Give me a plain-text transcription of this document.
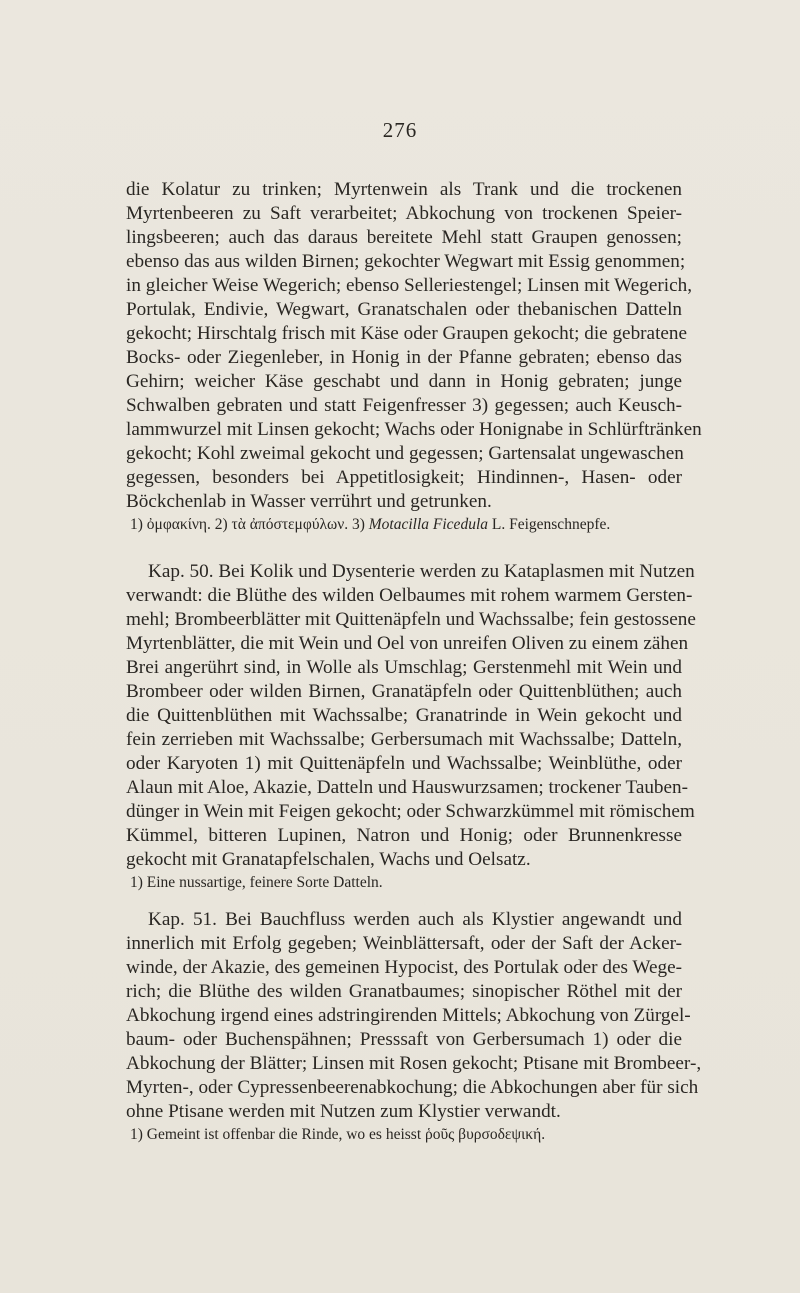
276
die Kolatur zu trinken; Myrtenwein als Trank und die trockenen
Myrtenbeeren zu Saft verarbeitet; Abkochung von trockenen Speier-
lingsbeeren; auch das daraus bereitete Mehl statt Graupen genossen;
ebenso das aus wilden Birnen; gekochter Wegwart mit Essig genommen;
in gleicher Weise Wegerich; ebenso Selleriestengel; Linsen mit Wegerich,
Portulak, Endivie, Wegwart, Granatschalen oder thebanischen Datteln
gekocht; Hirschtalg frisch mit Käse oder Graupen gekocht; die gebratene
Bocks- oder Ziegenleber, in Honig in der Pfanne gebraten; ebenso das
Gehirn; weicher Käse geschabt und dann in Honig gebraten; junge
Schwalben gebraten und statt Feigenfresser 3) gegessen; auch Keusch-
lammwurzel mit Linsen gekocht; Wachs oder Honignabe in Schlürftränken
gekocht; Kohl zweimal gekocht und gegessen; Gartensalat ungewaschen
gegessen, besonders bei Appetitlosigkeit; Hindinnen-, Hasen- oder
Böckchenlab in Wasser verrührt und getrunken.
1) ὀμφακίνη. 2) τὰ ἀπόστεμφύλων. 3) Motacilla Ficedula L. Feigenschnepfe.
Kap. 50. Bei Kolik und Dysenterie werden zu Kataplasmen mit Nutzen
verwandt: die Blüthe des wilden Oelbaumes mit rohem warmem Gersten-
mehl; Brombeerblätter mit Quittenäpfeln und Wachssalbe; fein gestossene
Myrtenblätter, die mit Wein und Oel von unreifen Oliven zu einem zähen
Brei angerührt sind, in Wolle als Umschlag; Gerstenmehl mit Wein und
Brombeer oder wilden Birnen, Granatäpfeln oder Quittenblüthen; auch
die Quittenblüthen mit Wachssalbe; Granatrinde in Wein gekocht und
fein zerrieben mit Wachssalbe; Gerbersumach mit Wachssalbe; Datteln,
oder Karyoten 1) mit Quittenäpfeln und Wachssalbe; Weinblüthe, oder
Alaun mit Aloe, Akazie, Datteln und Hauswurzsamen; trockener Tauben-
dünger in Wein mit Feigen gekocht; oder Schwarzkümmel mit römischem
Kümmel, bitteren Lupinen, Natron und Honig; oder Brunnenkresse
gekocht mit Granatapfelschalen, Wachs und Oelsatz.
1) Eine nussartige, feinere Sorte Datteln.
Kap. 51. Bei Bauchfluss werden auch als Klystier angewandt und
innerlich mit Erfolg gegeben; Weinblättersaft, oder der Saft der Acker-
winde, der Akazie, des gemeinen Hypocist, des Portulak oder des Wege-
rich; die Blüthe des wilden Granatbaumes; sinopischer Röthel mit der
Abkochung irgend eines adstringirenden Mittels; Abkochung von Zürgel-
baum- oder Buchenspähnen; Presssaft von Gerbersumach 1) oder die
Abkochung der Blätter; Linsen mit Rosen gekocht; Ptisane mit Brombeer-,
Myrten-, oder Cypressenbeerenabkochung; die Abkochungen aber für sich
ohne Ptisane werden mit Nutzen zum Klystier verwandt.
1) Gemeint ist offenbar die Rinde, wo es heisst ῥοῦς βυρσοδεψική.
